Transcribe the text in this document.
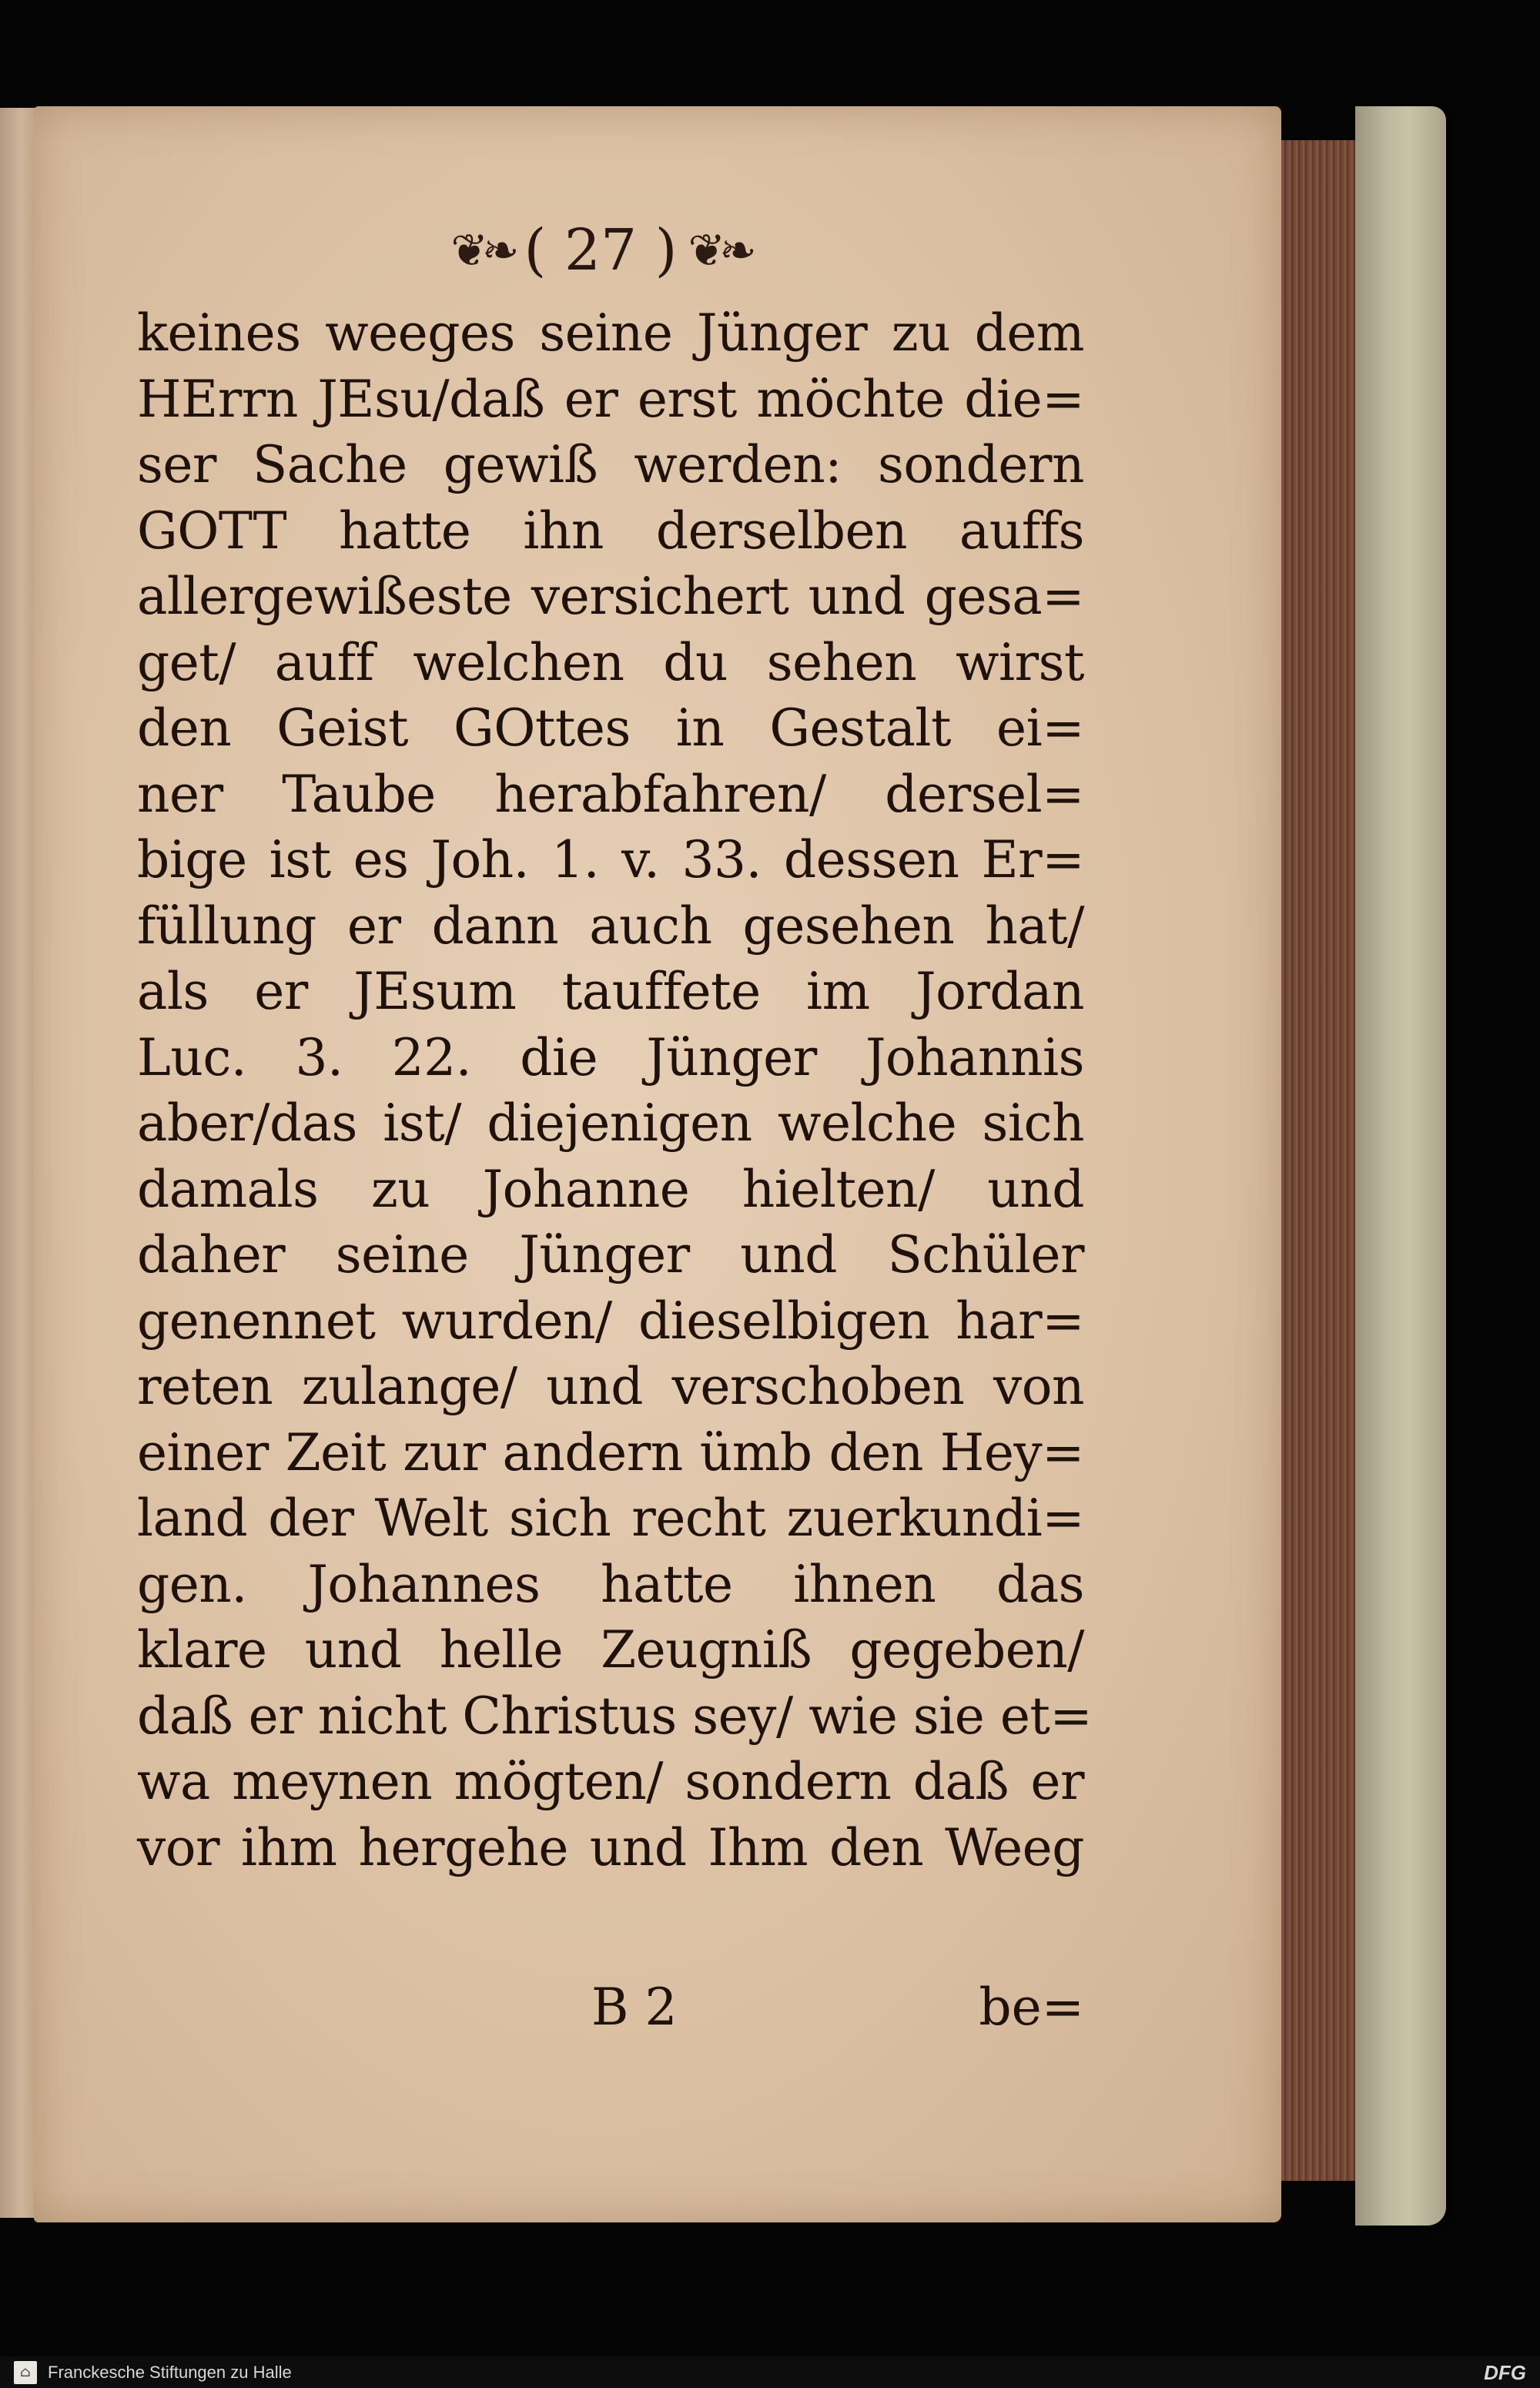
❦❧ ( 27 ) ❦❧
keines weeges seine Jünger zu dem
HErrn JEsu/daß er erst möchte die=
ser Sache gewiß werden: sondern
GOTT hatte ihn derselben auffs
allergewißeste versichert und gesa=
get/ auff welchen du sehen wirst
den Geist GOttes in Gestalt ei=
ner Taube herabfahren/ dersel=
bige ist es Joh. 1. v. 33. dessen Er=
füllung er dann auch gesehen hat/
als er JEsum tauffete im Jordan
Luc. 3. 22. die Jünger Johannis
aber/das ist/ diejenigen welche sich
damals zu Johanne hielten/ und
daher seine Jünger und Schüler
genennet wurden/ dieselbigen har=
reten zulange/ und verschoben von
einer Zeit zur andern ümb den Hey=
land der Welt sich recht zuerkundi=
gen. Johannes hatte ihnen das
klare und helle Zeugniß gegeben/
daß er nicht Christus sey/ wie sie et=
wa meynen mögten/ sondern daß er
vor ihm hergehe und Ihm den Weeg
B 2	be=
⌂	Franckesche Stiftungen zu Halle	DFG
